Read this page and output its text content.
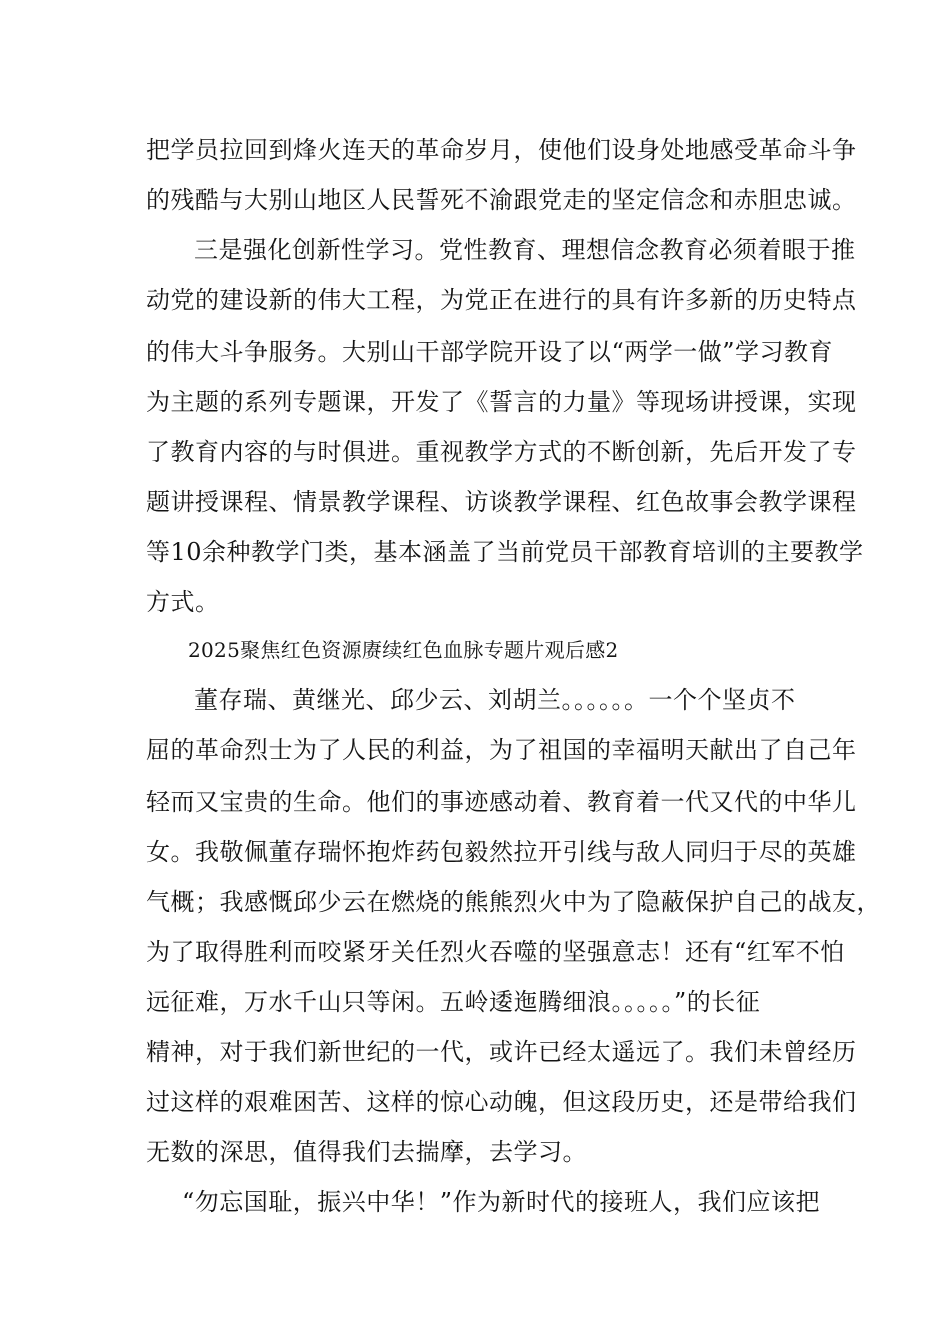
把学员拉回到烽火连天的革命岁月，使他们设身处地感受革命斗争

的残酷与大别山地区人民誓死不渝跟党走的坚定信念和赤胆忠诚。

三是强化创新性学习。党性教育、理想信念教育必须着眼于推

动党的建设新的伟大工程，为党正在进行的具有许多新的历史特点

的伟大斗争服务。大别山干部学院开设了以“两学一做”学习教育

为主题的系列专题课，开发了《誓言的力量》等现场讲授课，实现

了教育内容的与时俱进。重视教学方式的不断创新，先后开发了专

题讲授课程、情景教学课程、访谈教学课程、红色故事会教学课程

等10余种教学门类，基本涵盖了当前党员干部教育培训的主要教学

方式。

2025聚焦红色资源赓续红色血脉专题片观后感2

董存瑞、黄继光、邱少云、刘胡兰。。。。。。一个个坚贞不

屈的革命烈士为了人民的利益，为了祖国的幸福明天献出了自己年

轻而又宝贵的生命。他们的事迹感动着、教育着一代又代的中华儿

女。我敬佩董存瑞怀抱炸药包毅然拉开引线与敌人同归于尽的英雄

气概；我感慨邱少云在燃烧的熊熊烈火中为了隐蔽保护自己的战友，

为了取得胜利而咬紧牙关任烈火吞噬的坚强意志！还有“红军不怕

远征难，万水千山只等闲。五岭逶迤腾细浪。。。。。”的长征

精神，对于我们新世纪的一代，或许已经太遥远了。我们未曾经历

过这样的艰难困苦、这样的惊心动魄，但这段历史，还是带给我们

无数的深思，值得我们去揣摩，去学习。

“勿忘国耻，振兴中华！”作为新时代的接班人，我们应该把
